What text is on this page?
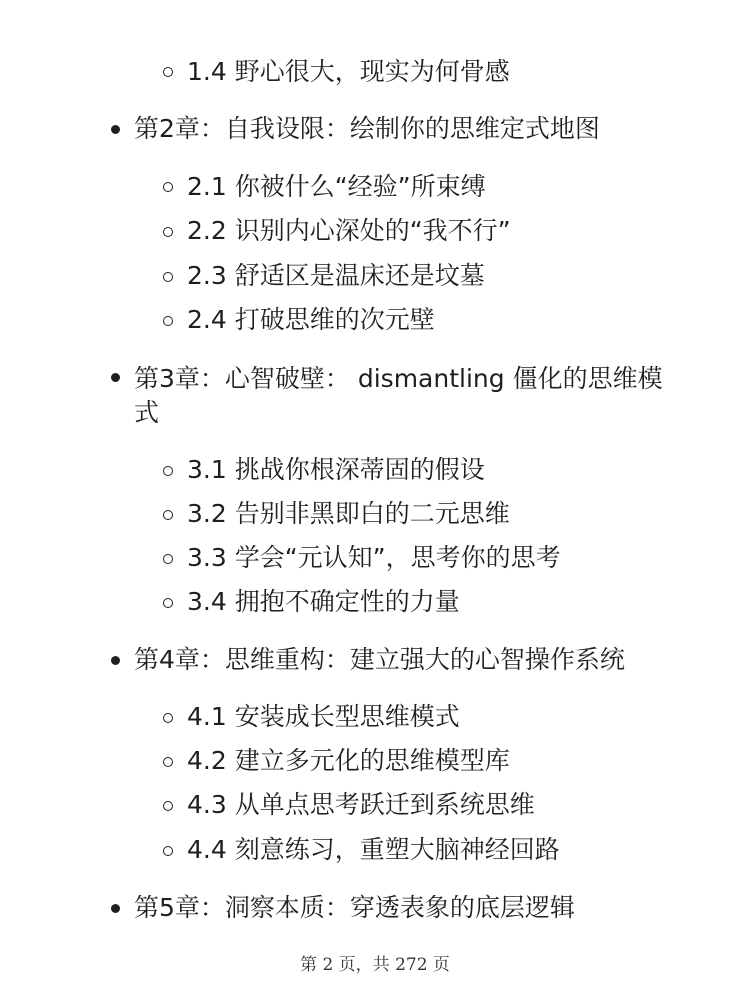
1.4 野心很大，现实为何骨感
第2章：自我设限：绘制你的思维定式地图
2.1 你被什么“经验”所束缚
2.2 识别内心深处的“我不行”
2.3 舒适区是温床还是坟墓
2.4 打破思维的次元壁
第3章：心智破壁： dismantling 僵化的思维模式
3.1 挑战你根深蒂固的假设
3.2 告别非黑即白的二元思维
3.3 学会“元认知”，思考你的思考
3.4 拥抱不确定性的力量
第4章：思维重构：建立强大的心智操作系统
4.1 安装成长型思维模式
4.2 建立多元化的思维模型库
4.3 从单点思考跃迁到系统思维
4.4 刻意练习，重塑大脑神经回路
第5章：洞察本质：穿透表象的底层逻辑
第 2 页，共 272 页
